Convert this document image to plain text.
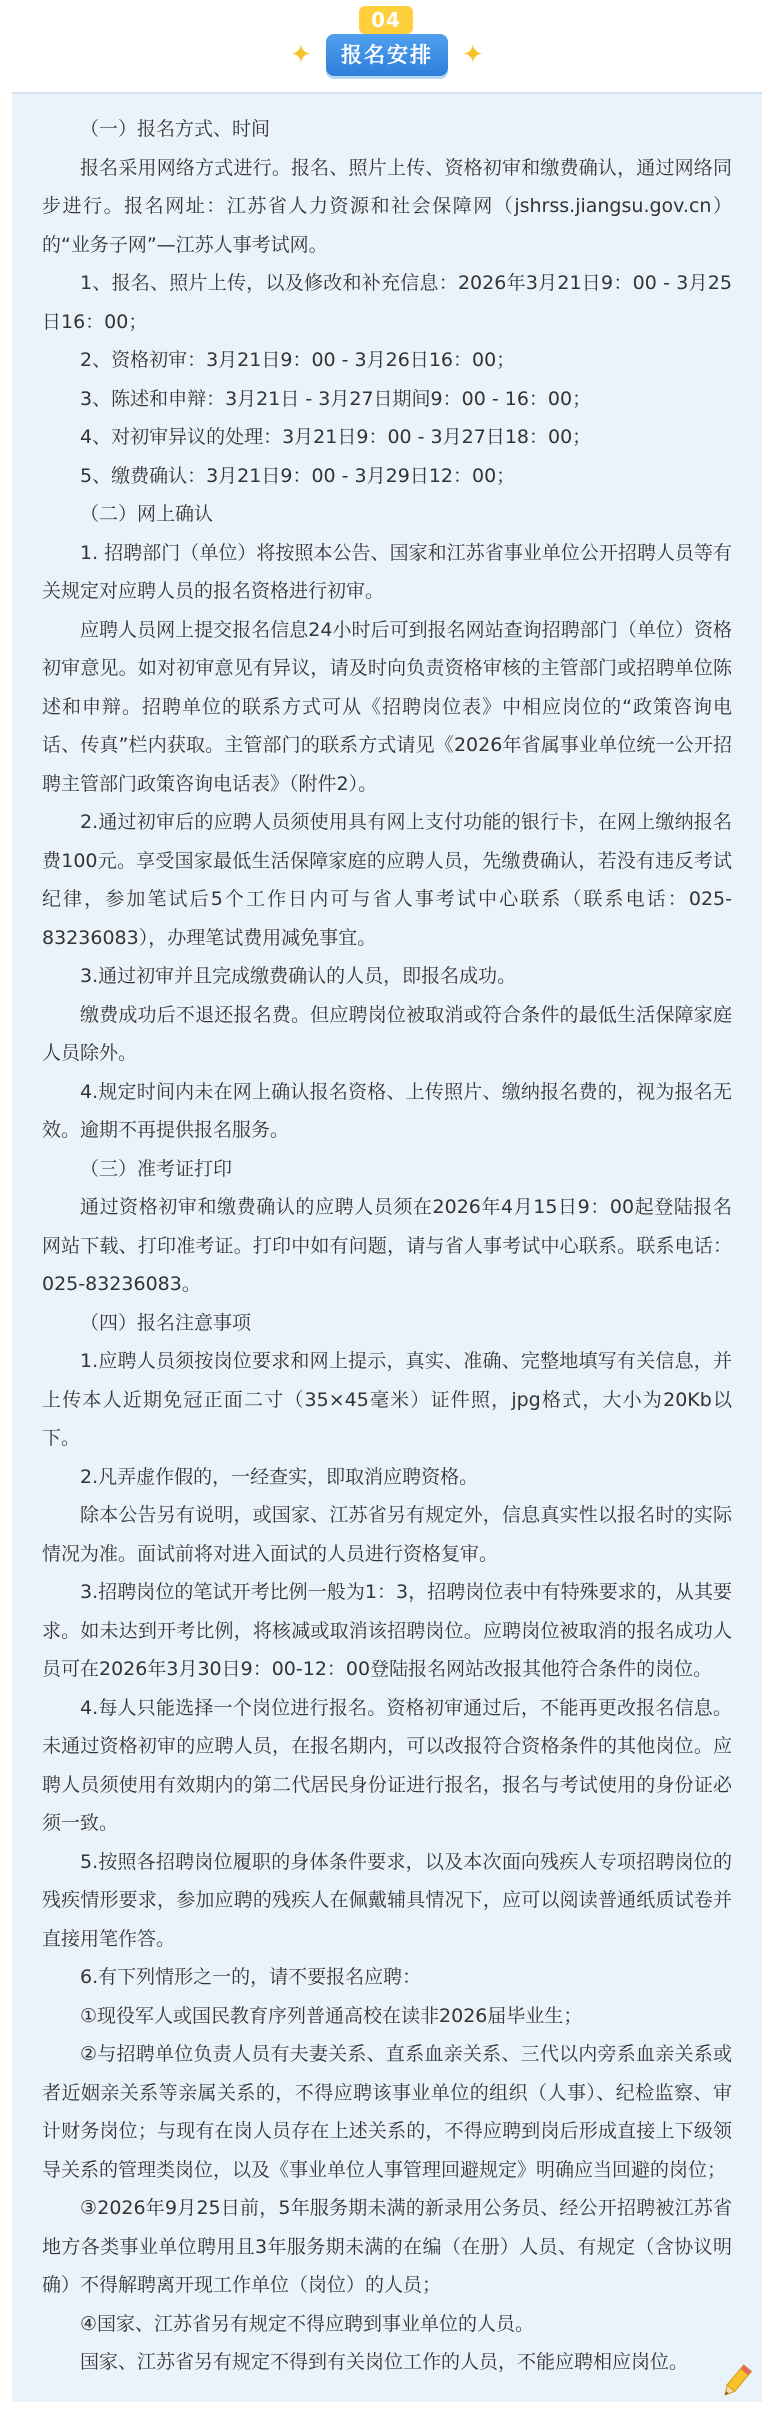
04
✦	报名安排	✦

（一）报名方式、时间

报名采用网络方式进行。报名、照片上传、资格初审和缴费确认，通过网络同步进行。报名网址：江苏省人力资源和社会保障网（jshrss.jiangsu.gov.cn）的“业务子网”—江苏人事考试网。

1、报名、照片上传，以及修改和补充信息：2026年3月21日9：00 - 3月25日16：00；

2、资格初审：3月21日9：00 - 3月26日16：00；

3、陈述和申辩：3月21日 - 3月27日期间9：00 - 16：00；

4、对初审异议的处理：3月21日9：00 - 3月27日18：00；

5、缴费确认：3月21日9：00 - 3月29日12：00；

（二）网上确认

1. 招聘部门（单位）将按照本公告、国家和江苏省事业单位公开招聘人员等有关规定对应聘人员的报名资格进行初审。

应聘人员网上提交报名信息24小时后可到报名网站查询招聘部门（单位）资格初审意见。如对初审意见有异议，请及时向负责资格审核的主管部门或招聘单位陈述和申辩。招聘单位的联系方式可从《招聘岗位表》中相应岗位的“政策咨询电话、传真”栏内获取。主管部门的联系方式请见《2026年省属事业单位统一公开招聘主管部门政策咨询电话表》（附件2）。

2.通过初审后的应聘人员须使用具有网上支付功能的银行卡，在网上缴纳报名费100元。享受国家最低生活保障家庭的应聘人员，先缴费确认，若没有违反考试纪律，参加笔试后5个工作日内可与省人事考试中心联系（联系电话：025-83236083），办理笔试费用减免事宜。

3.通过初审并且完成缴费确认的人员，即报名成功。

缴费成功后不退还报名费。但应聘岗位被取消或符合条件的最低生活保障家庭人员除外。

4.规定时间内未在网上确认报名资格、上传照片、缴纳报名费的，视为报名无效。逾期不再提供报名服务。

（三）准考证打印

通过资格初审和缴费确认的应聘人员须在2026年4月15日9：00起登陆报名网站下载、打印准考证。打印中如有问题，请与省人事考试中心联系。联系电话：025-83236083。

（四）报名注意事项

1.应聘人员须按岗位要求和网上提示，真实、准确、完整地填写有关信息，并上传本人近期免冠正面二寸（35×45毫米）证件照，jpg格式，大小为20Kb以下。

2.凡弄虚作假的，一经查实，即取消应聘资格。

除本公告另有说明，或国家、江苏省另有规定外，信息真实性以报名时的实际情况为准。面试前将对进入面试的人员进行资格复审。

3.招聘岗位的笔试开考比例一般为1：3，招聘岗位表中有特殊要求的，从其要求。如未达到开考比例，将核减或取消该招聘岗位。应聘岗位被取消的报名成功人员可在2026年3月30日9：00-12：00登陆报名网站改报其他符合条件的岗位。

4.每人只能选择一个岗位进行报名。资格初审通过后，不能再更改报名信息。未通过资格初审的应聘人员，在报名期内，可以改报符合资格条件的其他岗位。应聘人员须使用有效期内的第二代居民身份证进行报名，报名与考试使用的身份证必须一致。

5.按照各招聘岗位履职的身体条件要求，以及本次面向残疾人专项招聘岗位的残疾情形要求，参加应聘的残疾人在佩戴辅具情况下，应可以阅读普通纸质试卷并直接用笔作答。

6.有下列情形之一的，请不要报名应聘：

①现役军人或国民教育序列普通高校在读非2026届毕业生；

②与招聘单位负责人员有夫妻关系、直系血亲关系、三代以内旁系血亲关系或者近姻亲关系等亲属关系的，不得应聘该事业单位的组织（人事）、纪检监察、审计财务岗位；与现有在岗人员存在上述关系的，不得应聘到岗后形成直接上下级领导关系的管理类岗位，以及《事业单位人事管理回避规定》明确应当回避的岗位；

③2026年9月25日前，5年服务期未满的新录用公务员、经公开招聘被江苏省地方各类事业单位聘用且3年服务期未满的在编（在册）人员、有规定（含协议明确）不得解聘离开现工作单位（岗位）的人员；

④国家、江苏省另有规定不得应聘到事业单位的人员。

国家、江苏省另有规定不得到有关岗位工作的人员，不能应聘相应岗位。
